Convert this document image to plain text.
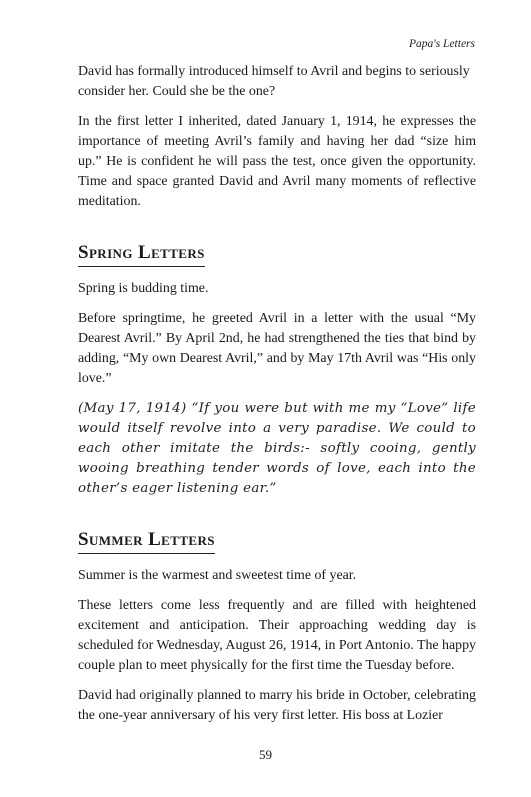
Papa's Letters

David has formally introduced himself to Avril and begins to seriously consider her. Could she be the one?

In the first letter I inherited, dated January 1, 1914, he expresses the importance of meeting Avril’s family and having her dad “size him up.” He is confident he will pass the test, once given the opportunity. Time and space granted David and Avril many moments of reflective meditation.

Spring Letters

Spring is budding time.

Before springtime, he greeted Avril in a letter with the usual “My Dearest Avril.” By April 2nd, he had strengthened the ties that bind by adding, “My own Dearest Avril,” and by May 17th Avril was “His only love.”

(May 17, 1914) “If you were but with me my “Love” life would itself revolve into a very paradise. We could to each other imitate the birds:- softly cooing, gently wooing breathing tender words of love, each into the other’s eager listening ear.”

Summer Letters

Summer is the warmest and sweetest time of year.

These letters come less frequently and are filled with heightened excitement and anticipation. Their approaching wedding day is scheduled for Wednesday, August 26, 1914, in Port Antonio. The happy couple plan to meet physically for the first time the Tuesday before.

David had originally planned to marry his bride in October, celebrating the one-year anniversary of his very first letter. His boss at Lozier

59
